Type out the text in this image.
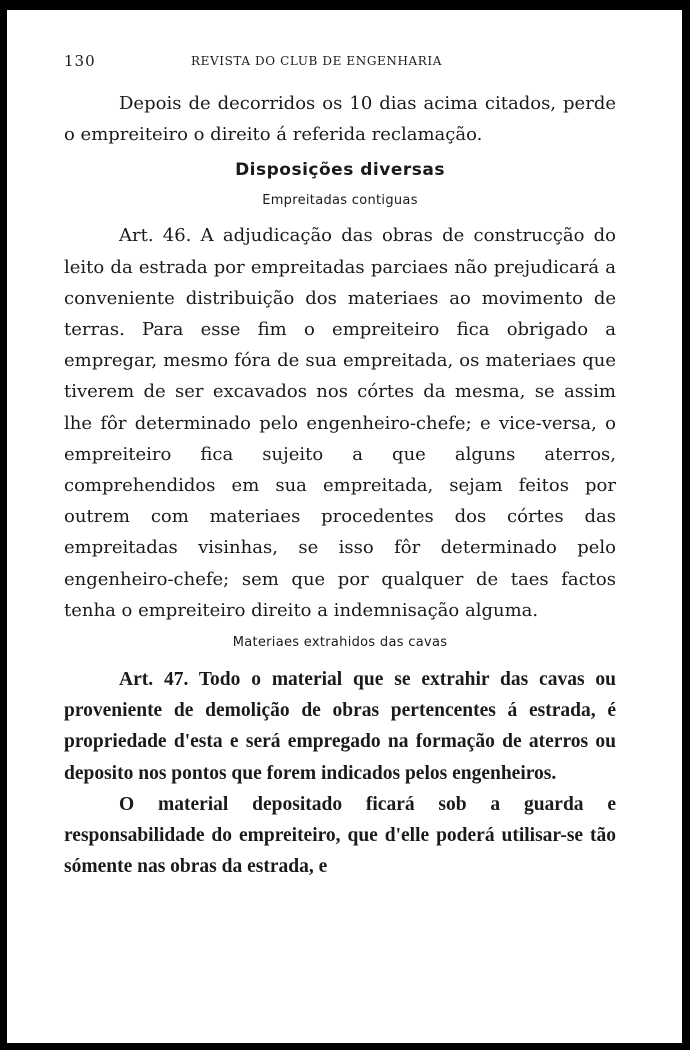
130	REVISTA DO CLUB DE ENGENHARIA

Depois de decorridos os 10 dias acima citados, perde o empreiteiro o direito á referida reclamação.

Disposições diversas
Empreitadas contiguas

Art. 46. A adjudicação das obras de construcção do leito da estrada por empreitadas parciaes não prejudicará a conveniente distribuição dos materiaes ao movimento de terras. Para esse fim o empreiteiro fica obrigado a empregar, mesmo fóra de sua empreitada, os materiaes que tiverem de ser excavados nos córtes da mesma, se assim lhe fôr determinado pelo engenheiro-chefe; e vice-versa, o empreiteiro fica sujeito a que alguns aterros, comprehendidos em sua empreitada, sejam feitos por outrem com materiaes procedentes dos córtes das empreitadas visinhas, se isso fôr determinado pelo engenheiro-chefe; sem que por qualquer de taes factos tenha o empreiteiro direito a indemnisação alguma.

Materiaes extrahidos das cavas

Art. 47. Todo o material que se extrahir das cavas ou proveniente de demolição de obras pertencentes á estrada, é propriedade d'esta e será empregado na formação de aterros ou deposito nos pontos que forem indicados pelos engenheiros.

O material depositado ficará sob a guarda e responsabilidade do empreiteiro, que d'elle poderá utilisar-se tão sómente nas obras da estrada, e
